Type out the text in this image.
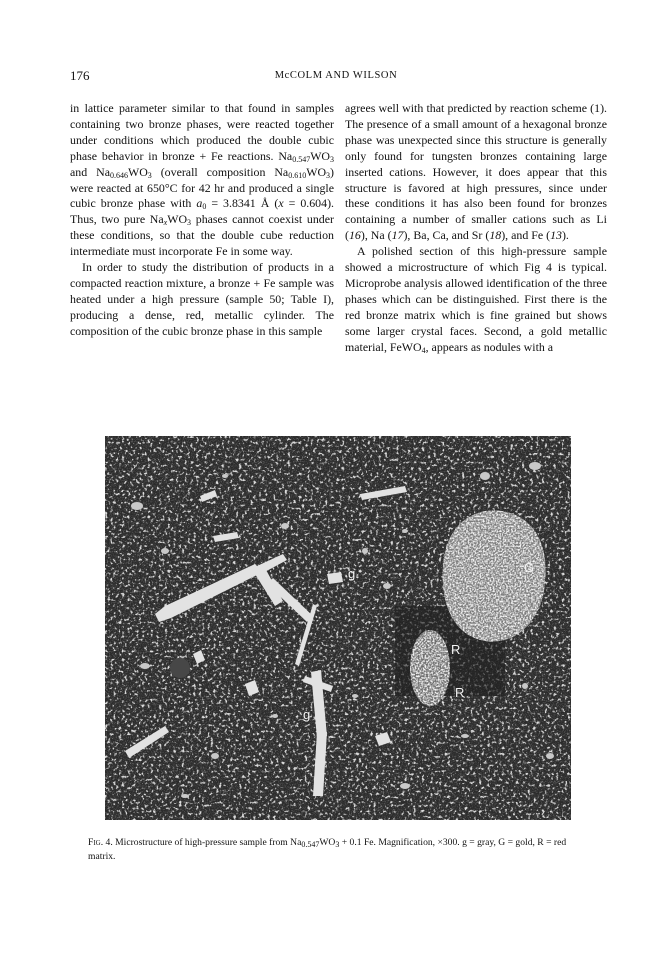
176	McCOLM AND WILSON

in lattice parameter similar to that found in samples containing two bronze phases, were reacted together under conditions which produced the double cubic phase behavior in bronze + Fe reactions. $Na_{0.547}WO_3$ and $Na_{0.646}WO_3$ (overall composition $Na_{0.610}WO_3$) were reacted at 650°C for 42 hr and produced a single cubic bronze phase with $a_0 = 3.8341$ Å (x = 0.604). Thus, two pure $Na_xWO_3$ phases cannot coexist under these conditions, so that the double cube reduction intermediate must incorporate Fe in some way.

In order to study the distribution of products in a compacted reaction mixture, a bronze + Fe sample was heated under a high pressure (sample 50; Table I), producing a dense, red, metallic cylinder. The composition of the cubic bronze phase in this sample

agrees well with that predicted by reaction scheme (1). The presence of a small amount of a hexagonal bronze phase was unexpected since this structure is generally only found for tungsten bronzes containing large inserted cations. However, it does appear that this structure is favored at high pressures, since under these conditions it has also been found for bronzes containing a number of smaller cations such as Li (16), Na (17), Ba, Ca, and Sr (18), and Fe (13).

A polished section of this high-pressure sample showed a microstructure of which Fig 4 is typical. Microprobe analysis allowed identification of the three phases which can be distinguished. First there is the red bronze matrix which is fine grained but shows some larger crystal faces. Second, a gold metallic material, FeWO$_4$, appears as nodules with a

g
g	G
R
R
Fig. 4. Microstructure of high-pressure sample from $Na_{0.547}WO_3 + 0.1$ Fe. Magnification, ×300. g = gray, G = gold, R = red matrix.
